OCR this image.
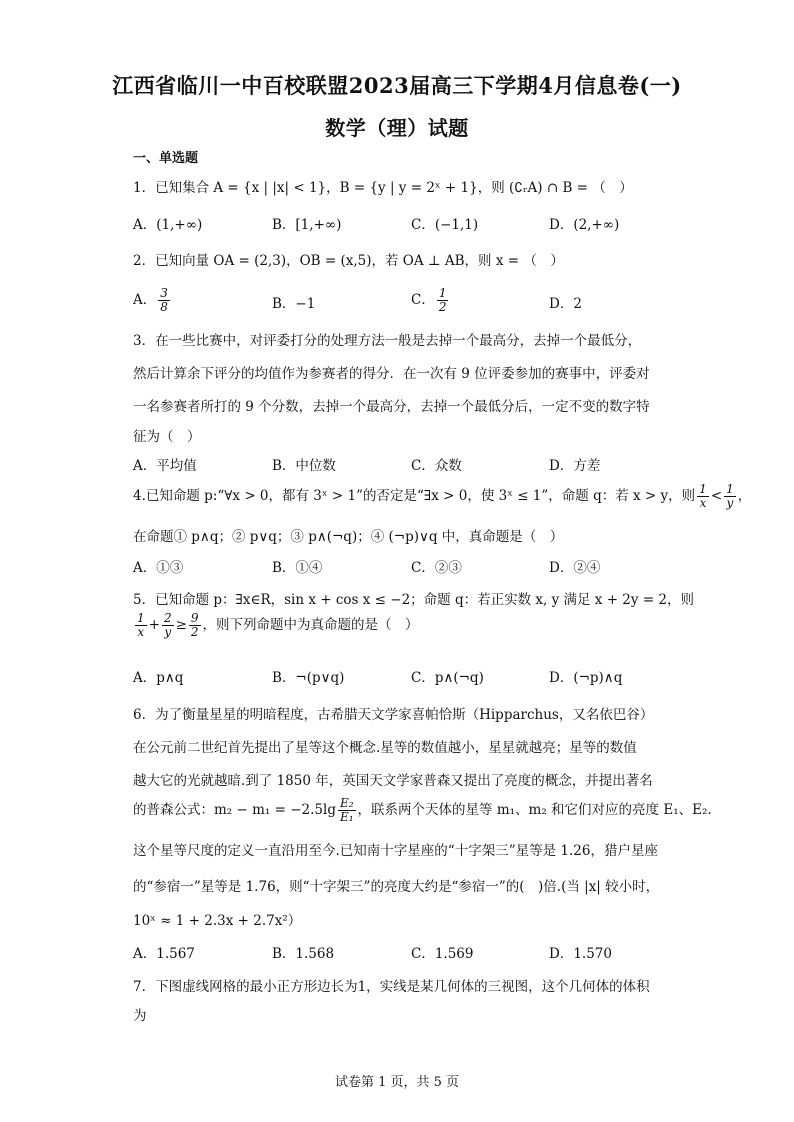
江西省临川一中百校联盟2023届高三下学期4月信息卷(一)
数学（理）试题
一、单选题
1．已知集合 A = {x | |x| < 1}，B = {y | y = 2ˣ + 1}，则 (∁ᵣA) ∩ B = （　）
A．(1,+∞)	B．[1,+∞)	C．(−1,1)	D．(2,+∞)
2．已知向量 OA = (2,3)，OB = (x,5)，若 OA ⊥ AB，则 x = （　）
A． $\frac{3}{8}$	B．−1	C． $\frac{1}{2}$	D．2
3．在一些比赛中，对评委打分的处理方法一般是去掉一个最高分，去掉一个最低分，
然后计算余下评分的均值作为参赛者的得分．在一次有 9 位评委参加的赛事中，评委对
一名参赛者所打的 9 个分数，去掉一个最高分，去掉一个最低分后，一定不变的数字特
征为（　）
A．平均值	B．中位数	C．众数	D．方差
4.已知命题 p:“∀x > 0，都有 3ˣ > 1”的否定是“∃x > 0，使 3ˣ ≤ 1”，命题 q：若 x > y，则 $\frac{1}{x} < \frac{1}{y}$ ，
在命题① p∧q；② p∨q；③ p∧(¬q)；④ (¬p)∨q 中，真命题是（　）
A．①③	B．①④	C．②③	D．②④
5．已知命题 p：∃x∈R，sin x + cos x ≤ −2；命题 q：若正实数 x, y 满足 x + 2y = 2，则
$\frac{1}{x} + \frac{2}{y} \ge \frac{9}{2}$ ，则下列命题中为真命题的是（　）
A．p∧q	B．¬(p∨q)	C．p∧(¬q)	D．(¬p)∧q
6．为了衡量星星的明暗程度，古希腊天文学家喜帕恰斯（Hipparchus，又名依巴谷）
在公元前二世纪首先提出了星等这个概念.星等的数值越小，星星就越亮；星等的数值
越大它的光就越暗.到了 1850 年，英国天文学家普森又提出了亮度的概念，并提出著名
的普森公式：$m_2 - m_1 = -2.5\lg \frac{\text{E₂}}{\text{E₁}}$ ，联系两个天体的星等 m₁、m₂ 和它们对应的亮度 E₁、E₂.
这个星等尺度的定义一直沿用至今.已知南十字星座的“十字架三”星等是 1.26，猎户星座
的“参宿一”星等是 1.76，则“十字架三”的亮度大约是“参宿一”的(　)倍.(当 |x| 较小时，
10ˣ ≈ 1 + 2.3x + 2.7x²）
A．1.567	B．1.568	C．1.569	D．1.570
7．下图虚线网格的最小正方形边长为1，实线是某几何体的三视图，这个几何体的体积
为
试卷第 1 页，共 5 页
